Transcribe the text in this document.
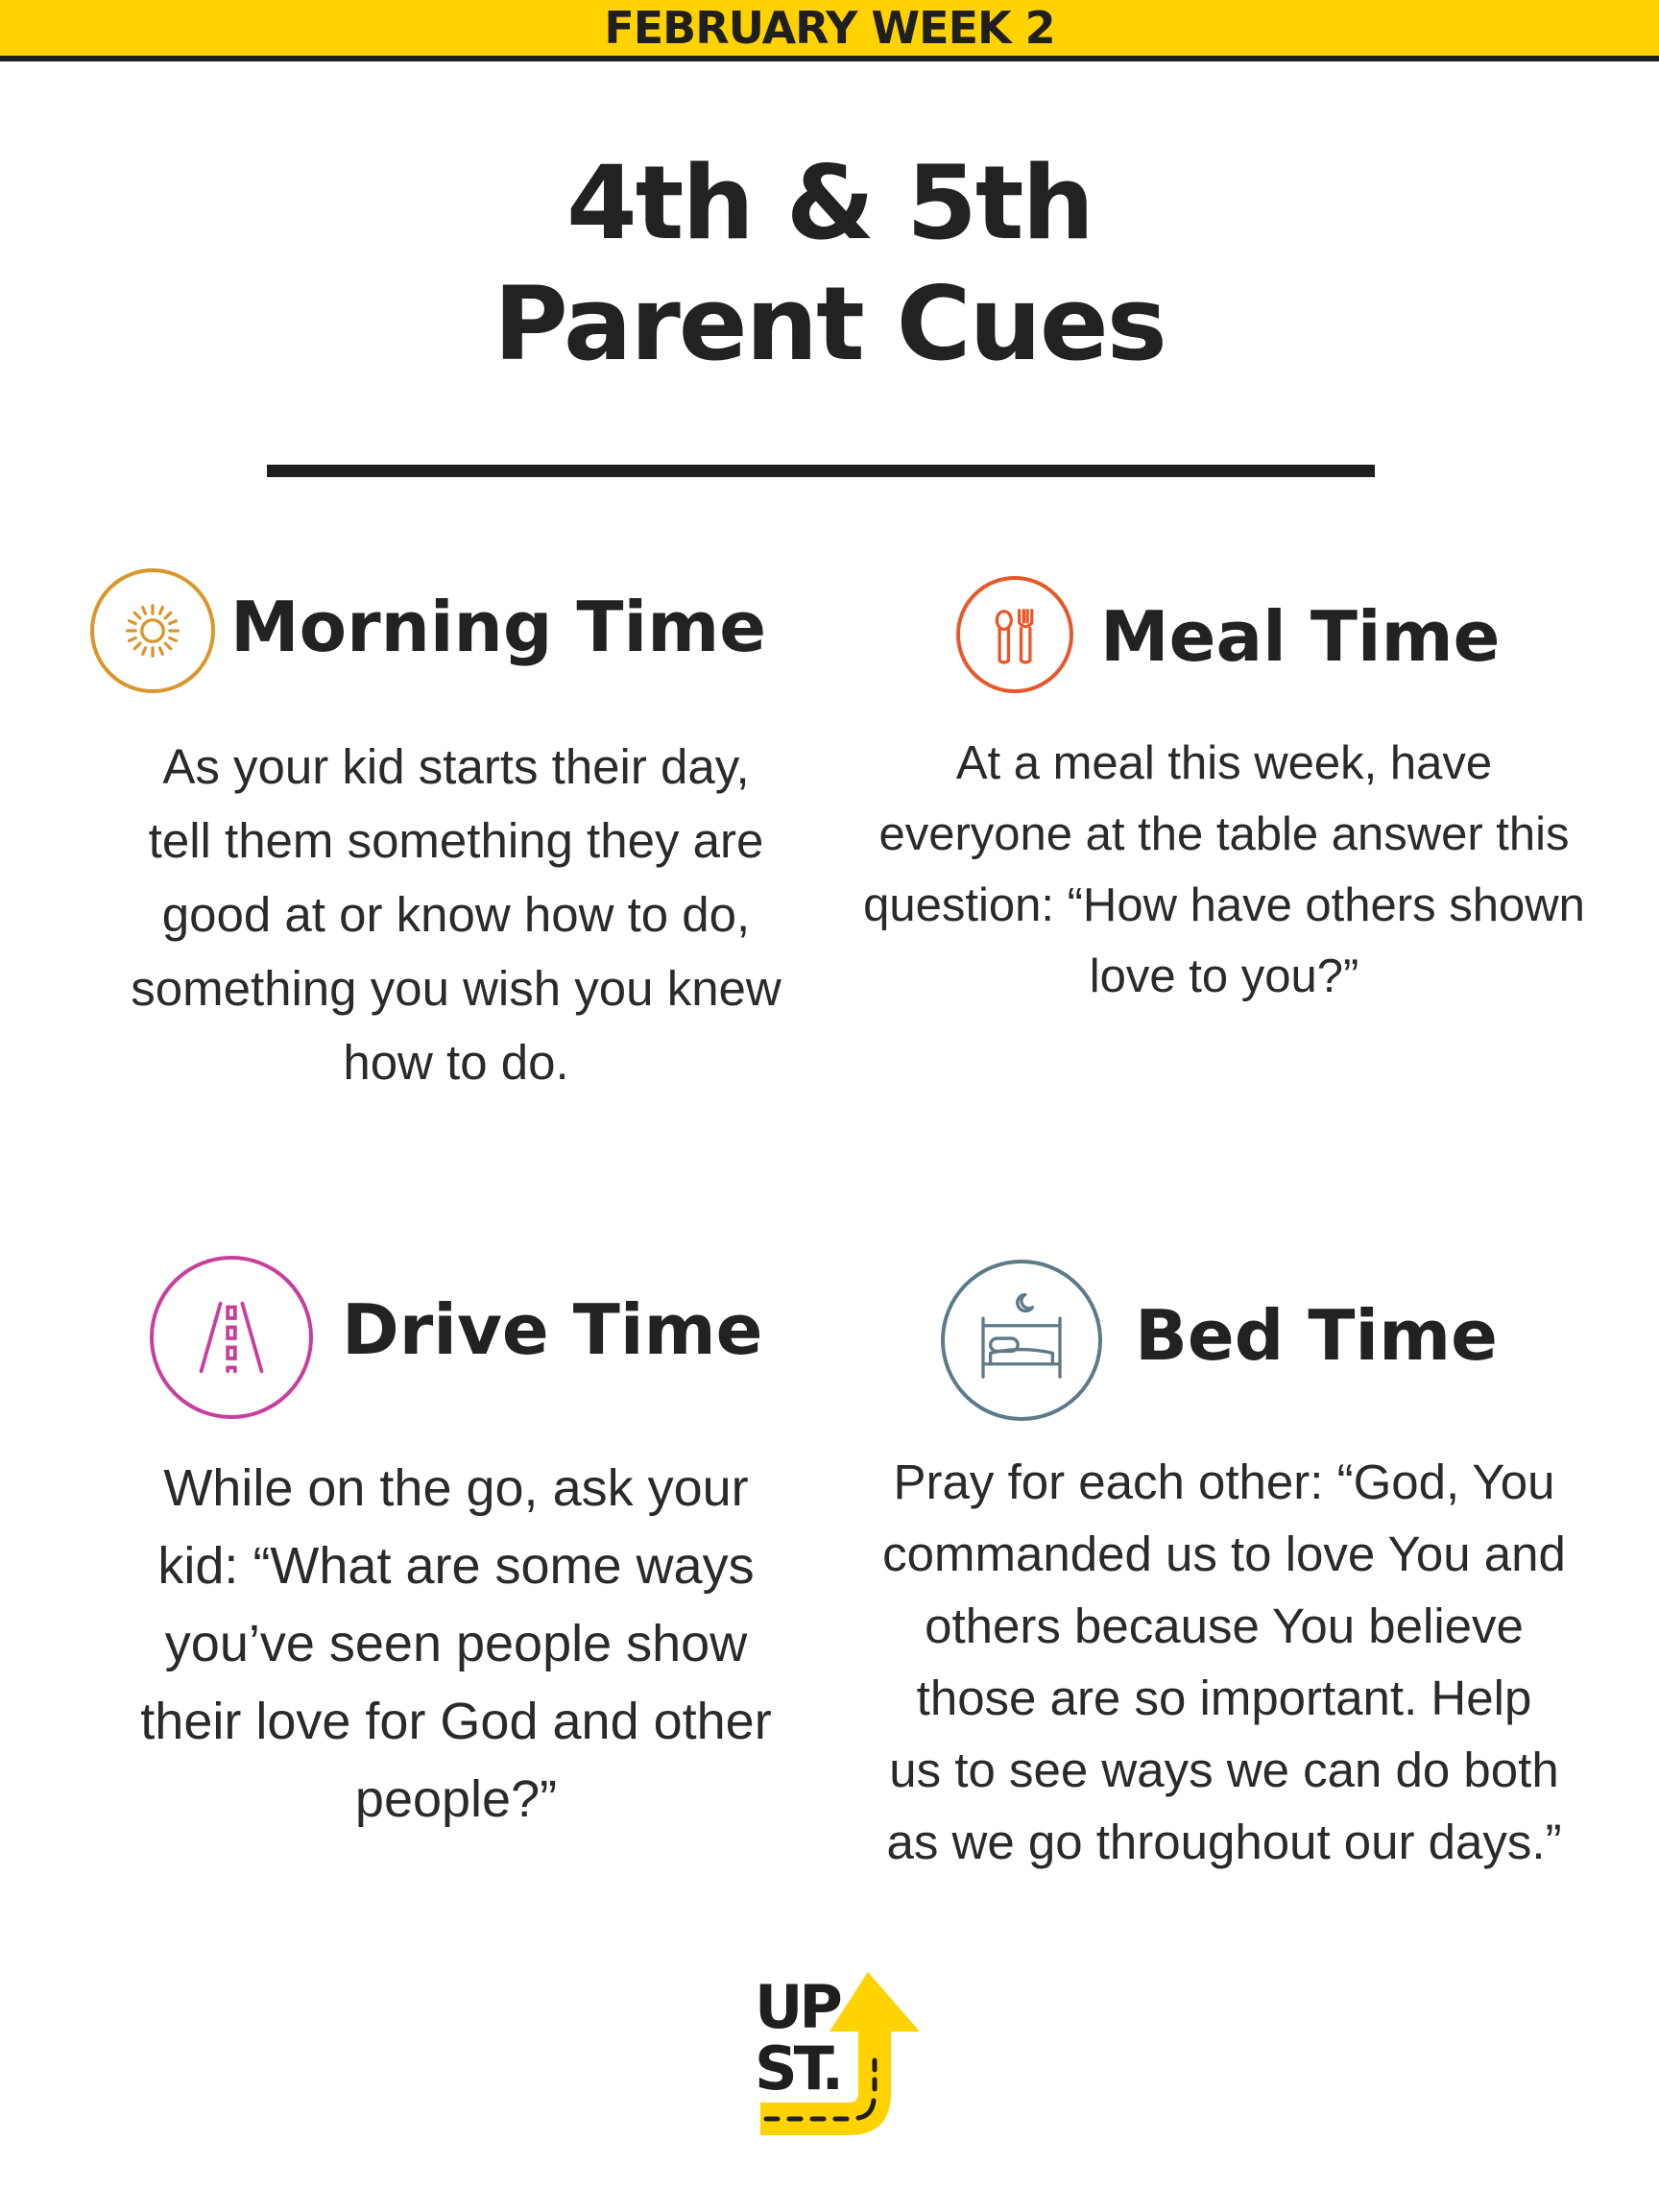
FEBRUARY WEEK 2
4th & 5th
Parent Cues
Morning Time
As your kid starts their day,
tell them something they are
good at or know how to do,
something you wish you knew
how to do.
Meal Time
At a meal this week, have
everyone at the table answer this
question: “How have others shown
love to you?”
Drive Time
While on the go, ask your
kid: “What are some ways
you’ve seen people show
their love for God and other
people?”
Bed Time
Pray for each other: “God, You
commanded us to love You and
others because You believe
those are so important. Help
us to see ways we can do both
as we go throughout our days.”
UP
ST.
